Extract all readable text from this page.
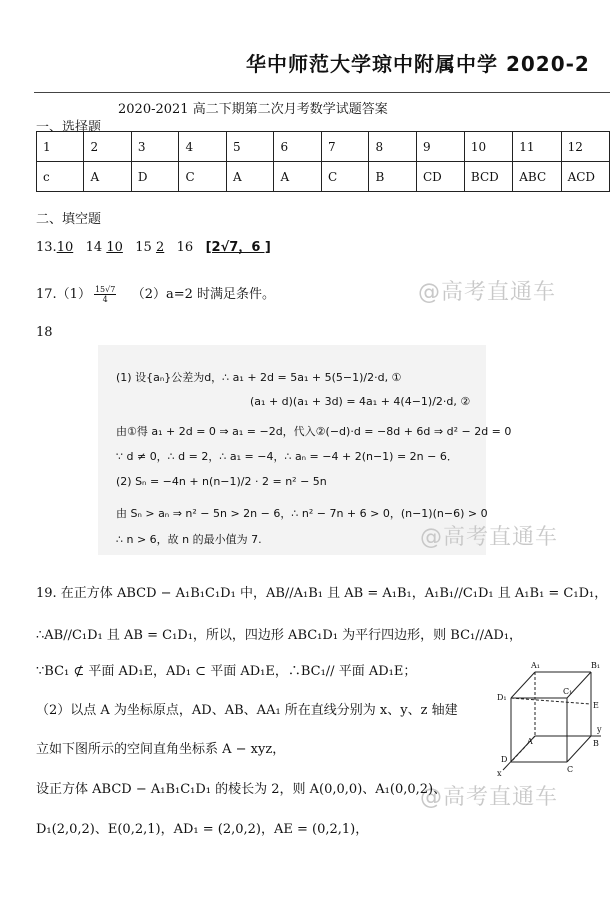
华中师范大学琼中附属中学 2020-2
2020-2021 高二下期第二次月考数学试题答案
一、选择题
1	2	3	4	5	6	7	8	9	10	11	12
c	A	D	C	A	A	C	B	CD	BCD	ABC	ACD
二、填空题
13.10 14 10 15 2 16 [2√7，6 ]
$17.(1) \frac{15√7}{4} (2)a=2$ 时满足条件。
18
(1) 设{aₙ}公差为d，∴ a₁ + 2d = 5a₁ + 5(5−1)/2·d, ①
(a₁ + d)(a₁ + 3d) = 4a₁ + 4(4−1)/2·d, ②
由①得 a₁ + 2d = 0 ⇒ a₁ = −2d，代入②(−d)·d = −8d + 6d ⇒ d² − 2d = 0
∵ d ≠ 0，∴ d = 2，∴ a₁ = −4，∴ aₙ = −4 + 2(n−1) = 2n − 6．
(2) Sₙ = −4n + n(n−1)/2 · 2 = n² − 5n
由 Sₙ > aₙ ⇒ n² − 5n > 2n − 6，∴ n² − 7n + 6 > 0，(n−1)(n−6) > 0
∴ n > 6，故 n 的最小值为 7.
@高考直通车
@高考直通车
@高考直通车
19. 在正方体 ABCD − A₁B₁C₁D₁ 中，AB//A₁B₁ 且 AB = A₁B₁，A₁B₁//C₁D₁ 且 A₁B₁ = C₁D₁，
∴AB//C₁D₁ 且 AB = C₁D₁，所以，四边形 ABC₁D₁ 为平行四边形，则 BC₁//AD₁，
∵BC₁ ⊄ 平面 AD₁E，AD₁ ⊂ 平面 AD₁E，∴BC₁// 平面 AD₁E；
（2）以点 A 为坐标原点，AD、AB、AA₁ 所在直线分别为 x、y、z 轴建
立如下图所示的空间直角坐标系 A − xyz，
设正方体 ABCD − A₁B₁C₁D₁ 的棱长为 2，则 A(0,0,0)、A₁(0,0,2)、
D₁(2,0,2)、E(0,2,1)，AD₁ = (2,0,2)，AE = (0,2,1)，
A₁	B₁
D₁
C₁
E
A	B
D
C
y
x
